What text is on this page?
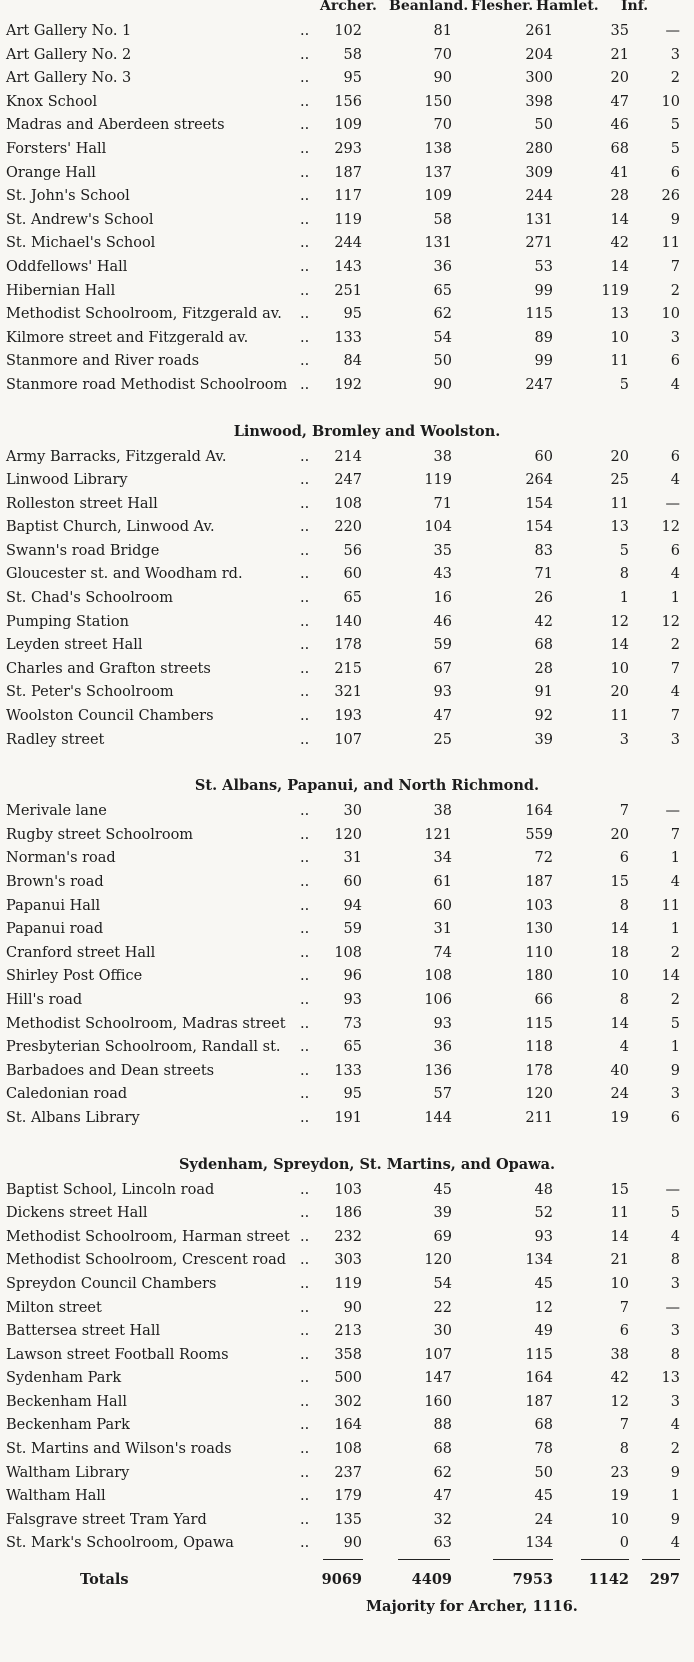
Archer. Beanland. Flesher. Hamlet. Inf.
Art Gallery No. 1	..	102	81	261	35	—
Art Gallery No. 2	..	58	70	204	21	3
Art Gallery No. 3	..	95	90	300	20	2
Knox School	..	156	150	398	47	10
Madras and Aberdeen streets	..	109	70	50	46	5
Forsters' Hall	..	293	138	280	68	5
Orange Hall	..	187	137	309	41	6
St. John's School	..	117	109	244	28	26
St. Andrew's School	..	119	58	131	14	9
St. Michael's School	..	244	131	271	42	11
Oddfellows' Hall	..	143	36	53	14	7
Hibernian Hall	..	251	65	99	119	2
Methodist Schoolroom, Fitzgerald av. ..	95	62	115	13	10
Kilmore street and Fitzgerald av.	..	133	54	89	10	3
Stanmore and River roads	..	84	50	99	11	6
Stanmore road Methodist Schoolroom ..	192	90	247	5	4
Linwood, Bromley and Woolston.
Army Barracks, Fitzgerald Av.	..	214	38	60	20	6
Linwood Library	..	247	119	264	25	4
Rolleston street Hall	..	108	71	154	11	—
Baptist Church, Linwood Av.	..	220	104	154	13	12
Swann's road Bridge	..	56	35	83	5	6
Gloucester st. and Woodham rd.	..	60	43	71	8	4
St. Chad's Schoolroom	..	65	16	26	1	1
Pumping Station	..	140	46	42	12	12
Leyden street Hall	..	178	59	68	14	2
Charles and Grafton streets	..	215	67	28	10	7
St. Peter's Schoolroom	..	321	93	91	20	4
Woolston Council Chambers	..	193	47	92	11	7
Radley street	..	107	25	39	3	3
St. Albans, Papanui, and North Richmond.
Merivale lane	..	30	38	164	7	—
Rugby street Schoolroom	..	120	121	559	20	7
Norman's road	..	31	34	72	6	1
Brown's road	..	60	61	187	15	4
Papanui Hall	..	94	60	103	8	11
Papanui road	..	59	31	130	14	1
Cranford street Hall	..	108	74	110	18	2
Shirley Post Office	..	96	108	180	10	14
Hill's road	..	93	106	66	8	2
Methodist Schoolroom, Madras street ..	73	93	115	14	5
Presbyterian Schoolroom, Randall st. ..	65	36	118	4	1
Barbadoes and Dean streets	..	133	136	178	40	9
Caledonian road	..	95	57	120	24	3
St. Albans Library	..	191	144	211	19	6
Sydenham, Spreydon, St. Martins, and Opawa.
Baptist School, Lincoln road	..	103	45	48	15	—
Dickens street Hall	..	186	39	52	11	5
Methodist Schoolroom, Harman street ..	232	69	93	14	4
Methodist Schoolroom, Crescent road ..	303	120	134	21	8
Spreydon Council Chambers	..	119	54	45	10	3
Milton street	..	90	22	12	7	—
Battersea street Hall	..	213	30	49	6	3
Lawson street Football Rooms	..	358	107	115	38	8
Sydenham Park	..	500	147	164	42	13
Beckenham Hall	..	302	160	187	12	3
Beckenham Park	..	164	88	68	7	4
St. Martins and Wilson's roads	..	108	68	78	8	2
Waltham Library	..	237	62	50	23	9
Waltham Hall	..	179	47	45	19	1
Falsgrave street Tram Yard	..	135	32	24	10	9
St. Mark's Schoolroom, Opawa	..	90	63	134	0	4
Totals	9069	4409	7953	1142	297
Majority for Archer, 1116.
